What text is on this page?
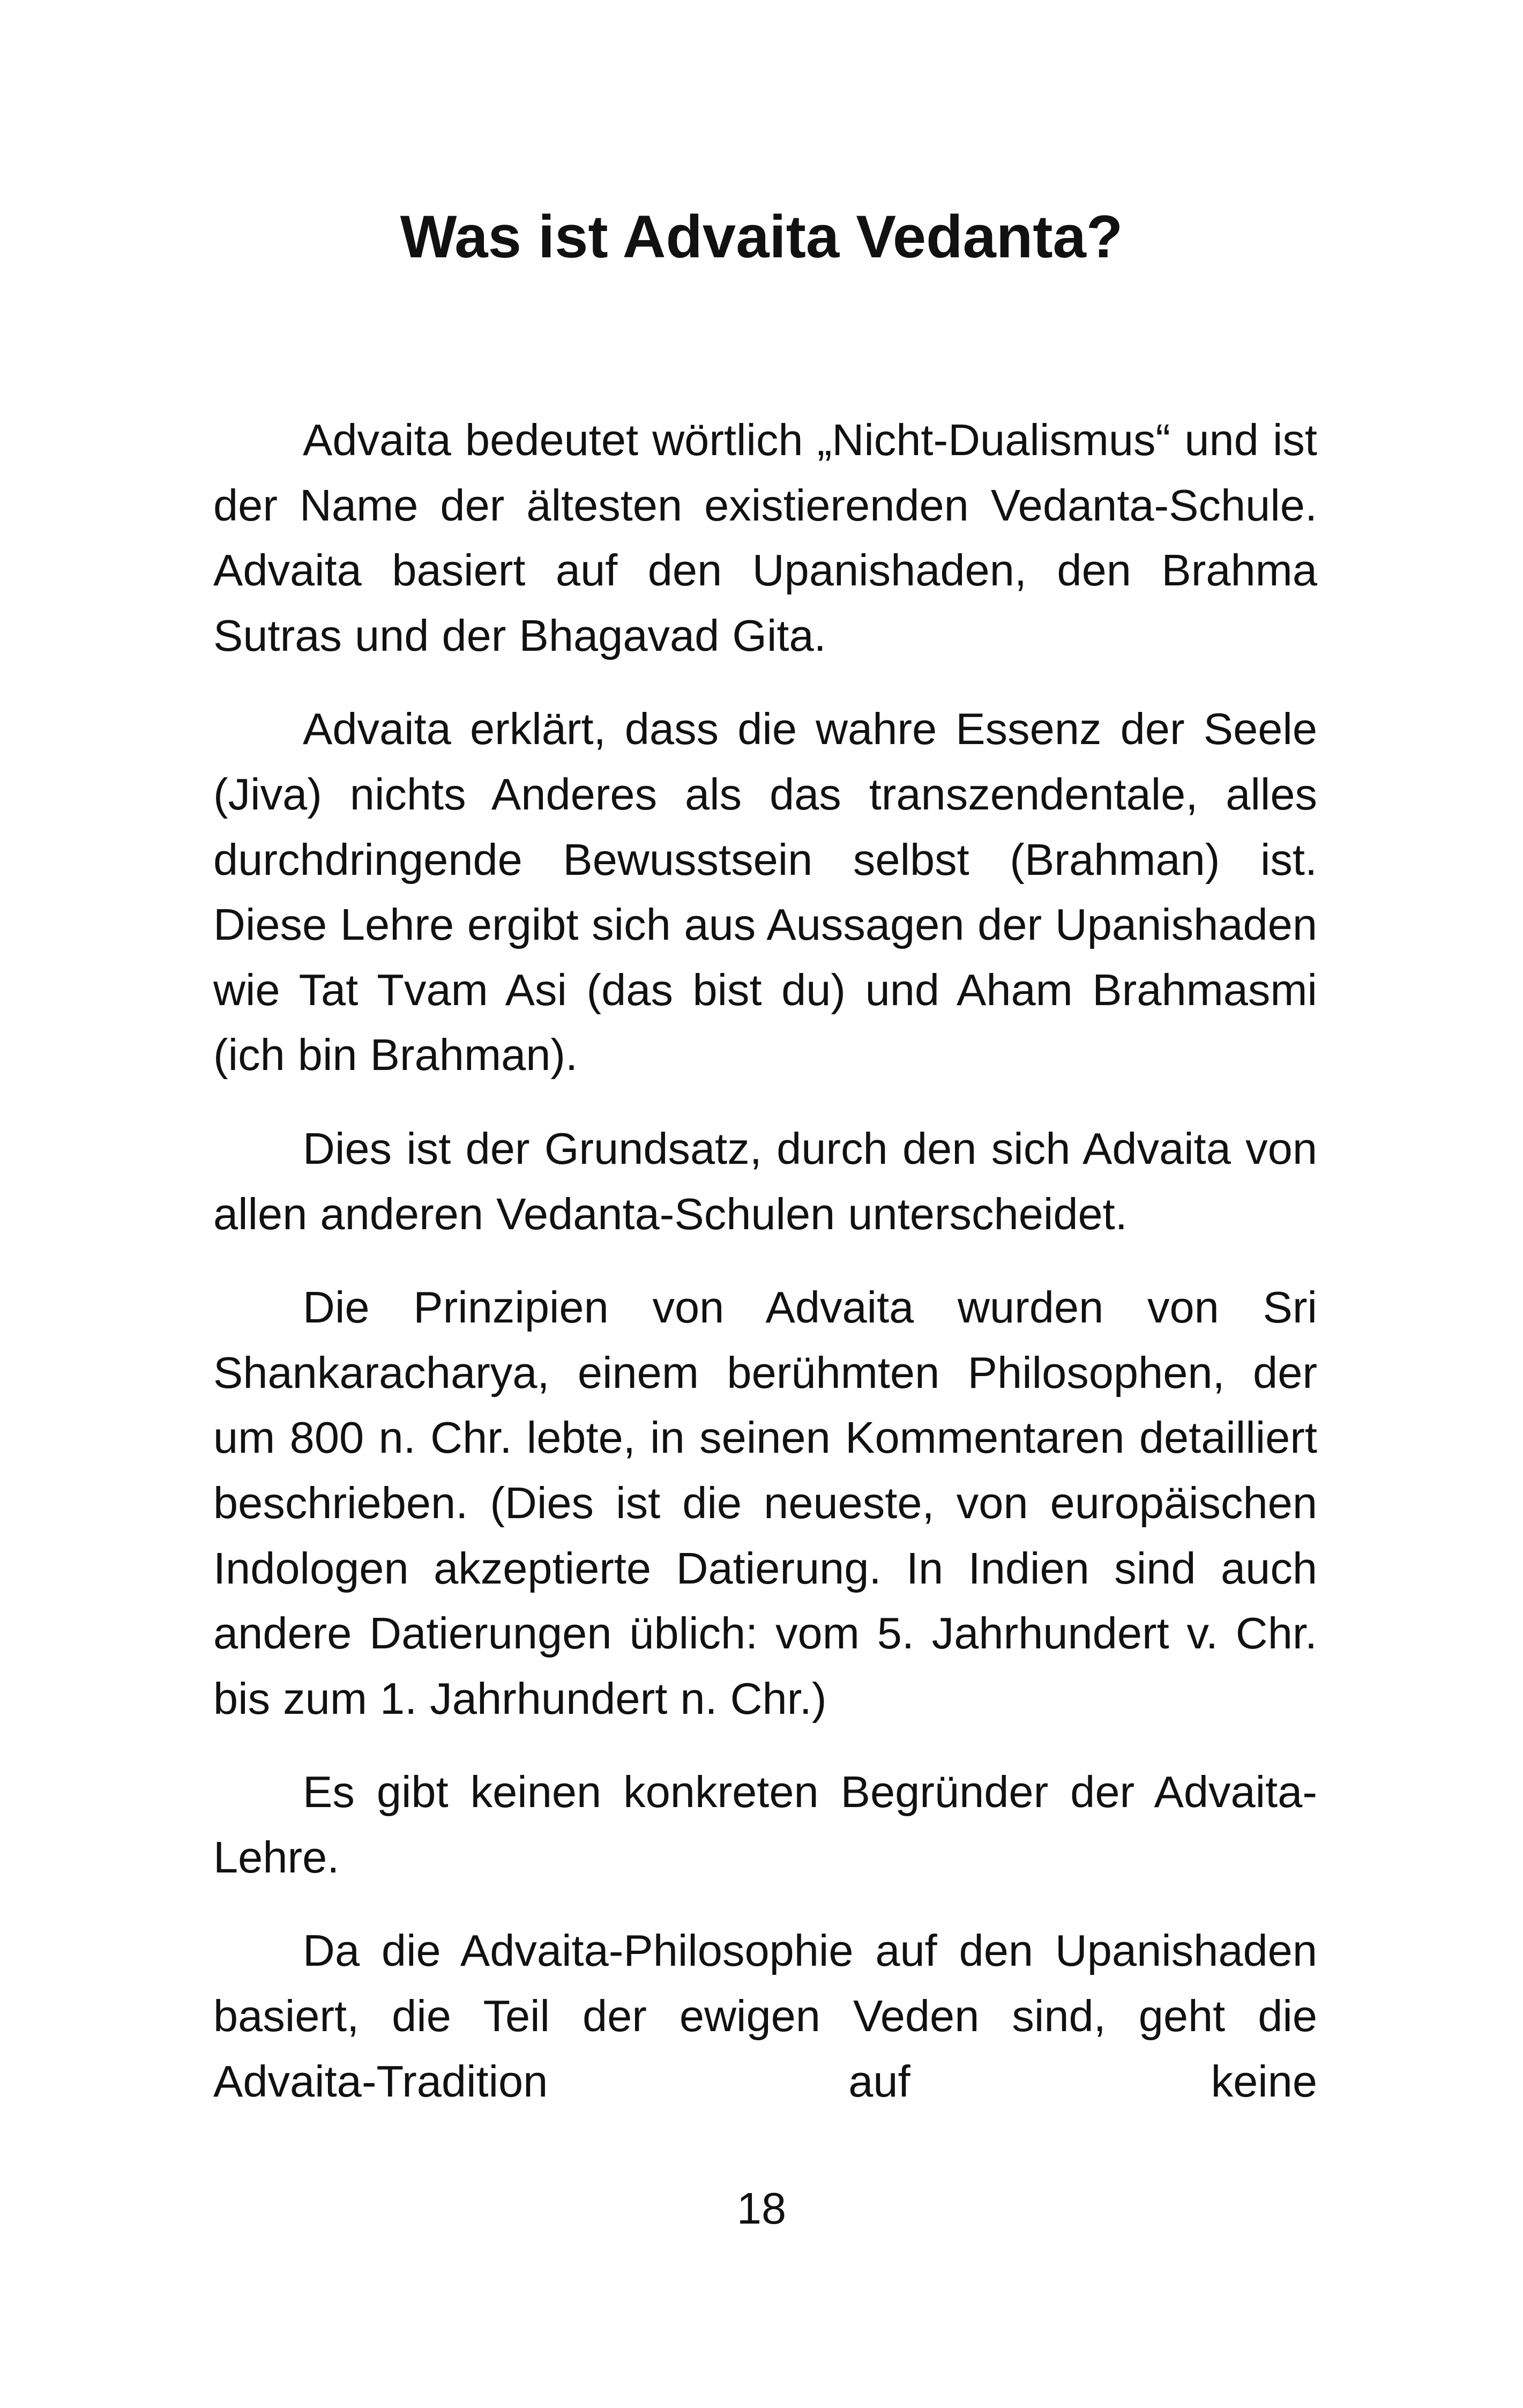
Was ist Advaita Vedanta?

Advaita bedeutet wörtlich „Nicht-Dualismus“ und ist der Name der ältesten existierenden Vedanta-Schule. Advaita basiert auf den Upanishaden, den Brahma Sutras und der Bhagavad Gita.

Advaita erklärt, dass die wahre Essenz der Seele (Jiva) nichts Anderes als das transzendentale, alles durchdringende Bewusstsein selbst (Brahman) ist. Diese Lehre ergibt sich aus Aussagen der Upanishaden wie Tat Tvam Asi (das bist du) und Aham Brahmasmi (ich bin Brahman).

Dies ist der Grundsatz, durch den sich Advaita von allen anderen Vedanta-Schulen unterscheidet.

Die Prinzipien von Advaita wurden von Sri Shankaracharya, einem berühmten Philosophen, der um 800 n. Chr. lebte, in seinen Kommentaren detailliert beschrieben. (Dies ist die neueste, von europäischen Indologen akzeptierte Datierung. In Indien sind auch andere Datierungen üblich: vom 5. Jahrhundert v. Chr. bis zum 1. Jahrhundert n. Chr.)

Es gibt keinen konkreten Begründer der Advaita-Lehre.

Da die Advaita-Philosophie auf den Upanishaden basiert, die Teil der ewigen Veden sind, geht die Advaita-Tradition auf keine

18
